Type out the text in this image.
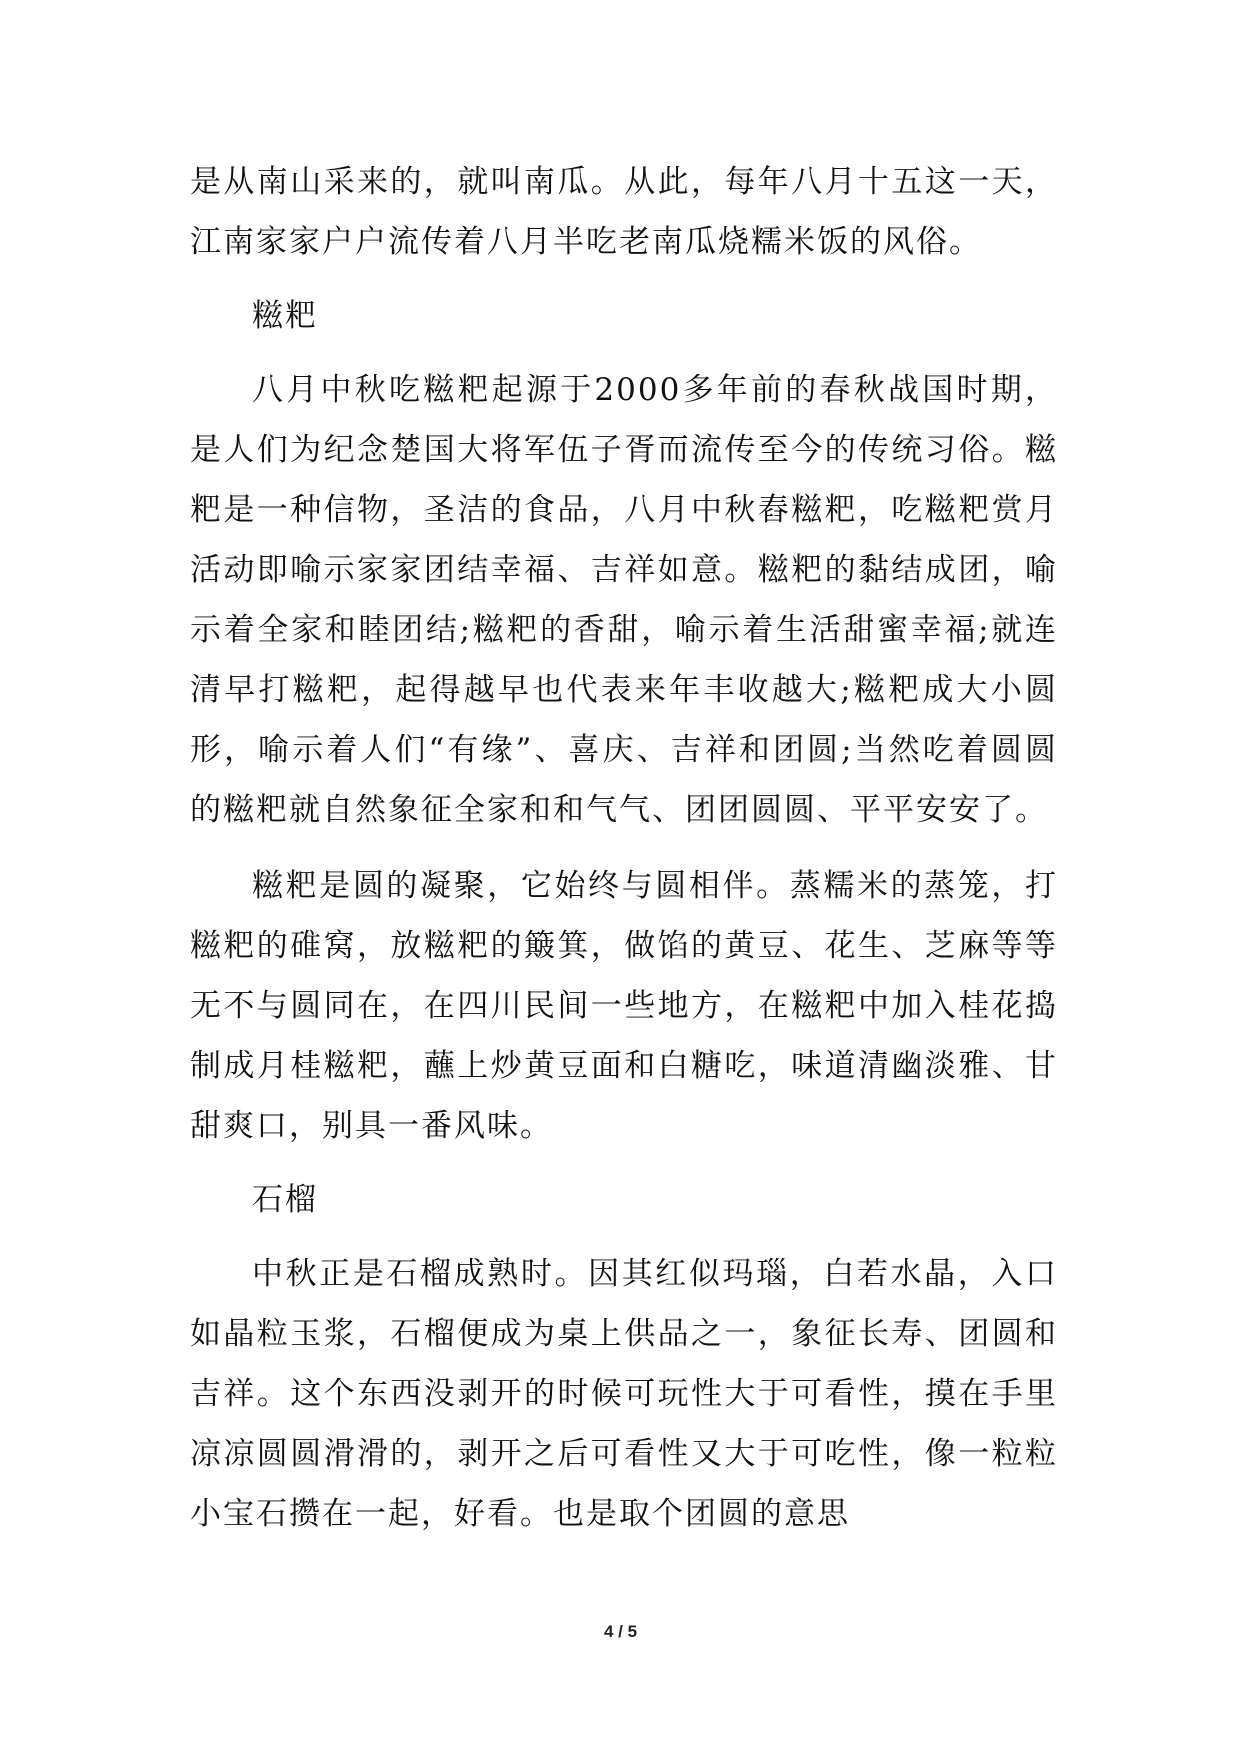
是从南山采来的，就叫南瓜。从此，每年八月十五这一天，江南家家户户流传着八月半吃老南瓜烧糯米饭的风俗。

糍粑

八月中秋吃糍粑起源于2000多年前的春秋战国时期，是人们为纪念楚国大将军伍子胥而流传至今的传统习俗。糍粑是一种信物，圣洁的食品，八月中秋舂糍粑，吃糍粑赏月活动即喻示家家团结幸福、吉祥如意。糍粑的黏结成团，喻示着全家和睦团结;糍粑的香甜，喻示着生活甜蜜幸福;就连清早打糍粑，起得越早也代表来年丰收越大;糍粑成大小圆形，喻示着人们“有缘”、喜庆、吉祥和团圆;当然吃着圆圆的糍粑就自然象征全家和和气气、团团圆圆、平平安安了。

糍粑是圆的凝聚，它始终与圆相伴。蒸糯米的蒸笼，打糍粑的碓窝，放糍粑的簸箕，做馅的黄豆、花生、芝麻等等无不与圆同在，在四川民间一些地方，在糍粑中加入桂花捣制成月桂糍粑，蘸上炒黄豆面和白糖吃，味道清幽淡雅、甘甜爽口，别具一番风味。

石榴

中秋正是石榴成熟时。因其红似玛瑙，白若水晶，入口如晶粒玉浆，石榴便成为桌上供品之一，象征长寿、团圆和吉祥。这个东西没剥开的时候可玩性大于可看性，摸在手里凉凉圆圆滑滑的，剥开之后可看性又大于可吃性，像一粒粒小宝石攒在一起，好看。也是取个团圆的意思

4 / 5
